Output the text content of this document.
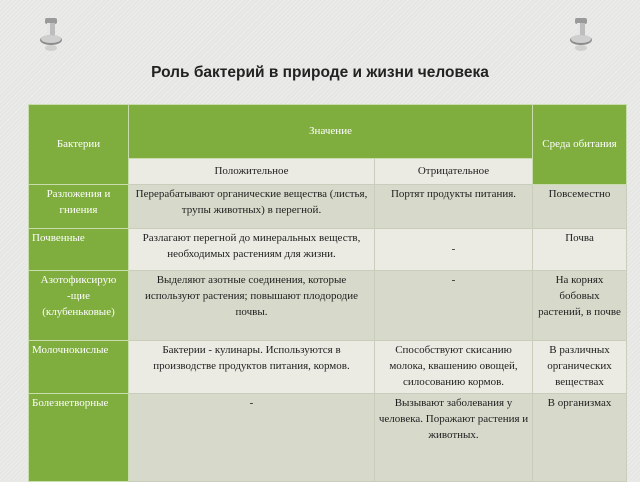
Роль бактерий в природе и жизни человека
Бактерии	Значение		Среда обитания
	Положительное	Отрицательное	
Разложения и гниения	Перерабатывают органические вещества (листья, трупы животных) в перегной.	Портят продукты питания.	Повсеместно
Почвенные	Разлагают перегной до минеральных веществ, необходимых растениям для жизни.	-	Почва
Азотофиксирую -щие (клубеньковые)	Выделяют азотные соединения, которые используют растения; повышают плодородие почвы.	-	На корнях бобовых растений, в почве
Молочнокислые	Бактерии - кулинары. Используются в производстве продуктов питания, кормов.	Способствуют скисанию молока, квашению овощей, силосованию кормов.	В различных органических веществах
Болезнетворные	-	Вызывают заболевания у человека. Поражают растения и животных.	В организмах
